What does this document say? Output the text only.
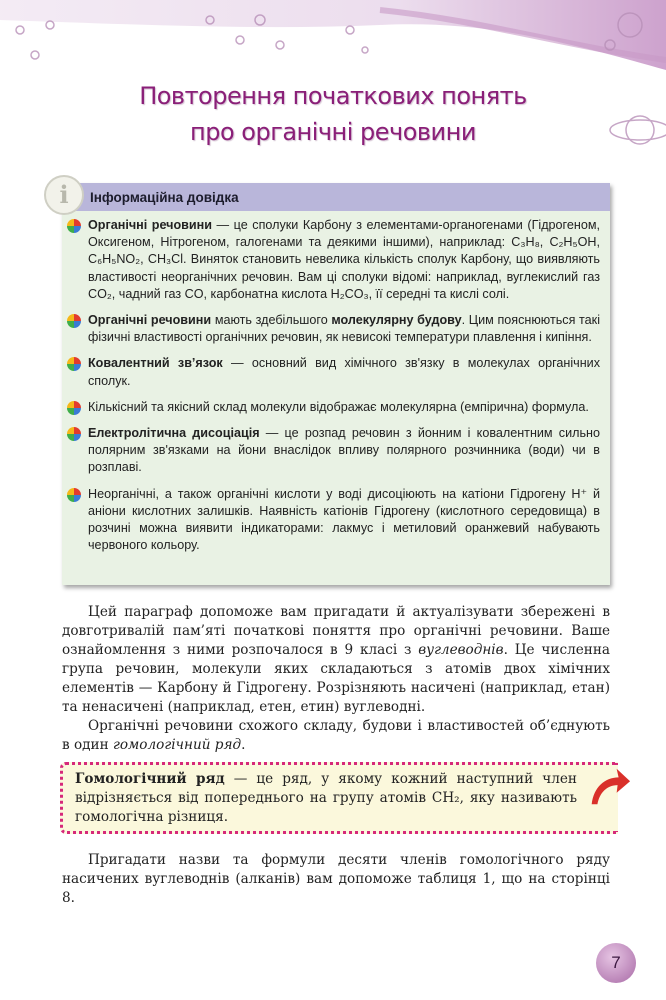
Повторення початкових понять
про органічні речовини
i	Інформаційна довідка
Органічні речовини — це сполуки Карбону з елементами-органогенами (Гідрогеном, Оксигеном, Нітрогеном, галогенами та деякими іншими), наприклад: C₃H₈, C₂H₅OH, C₆H₅NO₂, CH₃Cl. Виняток становить невелика кількість сполук Карбону, що виявляють властивості неорганічних речовин. Вам ці сполуки відомі: наприклад, вуглекислий газ CO₂, чадний газ CO, карбонатна кислота H₂CO₃, її середні та кислі солі.
Органічні речовини мають здебільшого молекулярну будову. Цим пояснюються такі фізичні властивості органічних речовин, як невисокі температури плавлення і кипіння.
Ковалентний зв’язок — основний вид хімічного зв'язку в молекулах органічних сполук.
Кількісний та якісний склад молекули відображає молекулярна (емпірична) формула.
Електролітична дисоціація — це розпад речовин з йонним і ковалентним сильно полярним зв'язками на йони внаслідок впливу полярного розчинника (води) чи в розплаві.
Неорганічні, а також органічні кислоти у воді дисоціюють на катіони Гідрогену H⁺ й аніони кислотних залишків. Наявність катіонів Гідрогену (кислотного середовища) в розчині можна виявити індикаторами: лакмус і метиловий оранжевий набувають червоного кольору.

Цей параграф допоможе вам пригадати й актуалізувати збережені в довготривалій пам’яті початкові поняття про органічні речовини. Ваше ознайомлення з ними розпочалося в 9 класі з вуглеводнів. Це численна група речовин, молекули яких складаються з атомів двох хімічних елементів — Карбону й Гідрогену. Розрізняють насичені (наприклад, етан) та ненасичені (наприклад, етен, етин) вуглеводні.

Органічні речовини схожого складу, будови і властивостей об’єднують в один гомологічний ряд.

Гомологічний ряд — це ряд, у якому кожний наступний член відрізняється від попереднього на групу атомів CH₂, яку називають гомологічна різниця.

Пригадати назви та формули десяти членів гомологічного ряду насичених вуглеводнів (алканів) вам допоможе таблиця 1, що на сторінці 8.

7
